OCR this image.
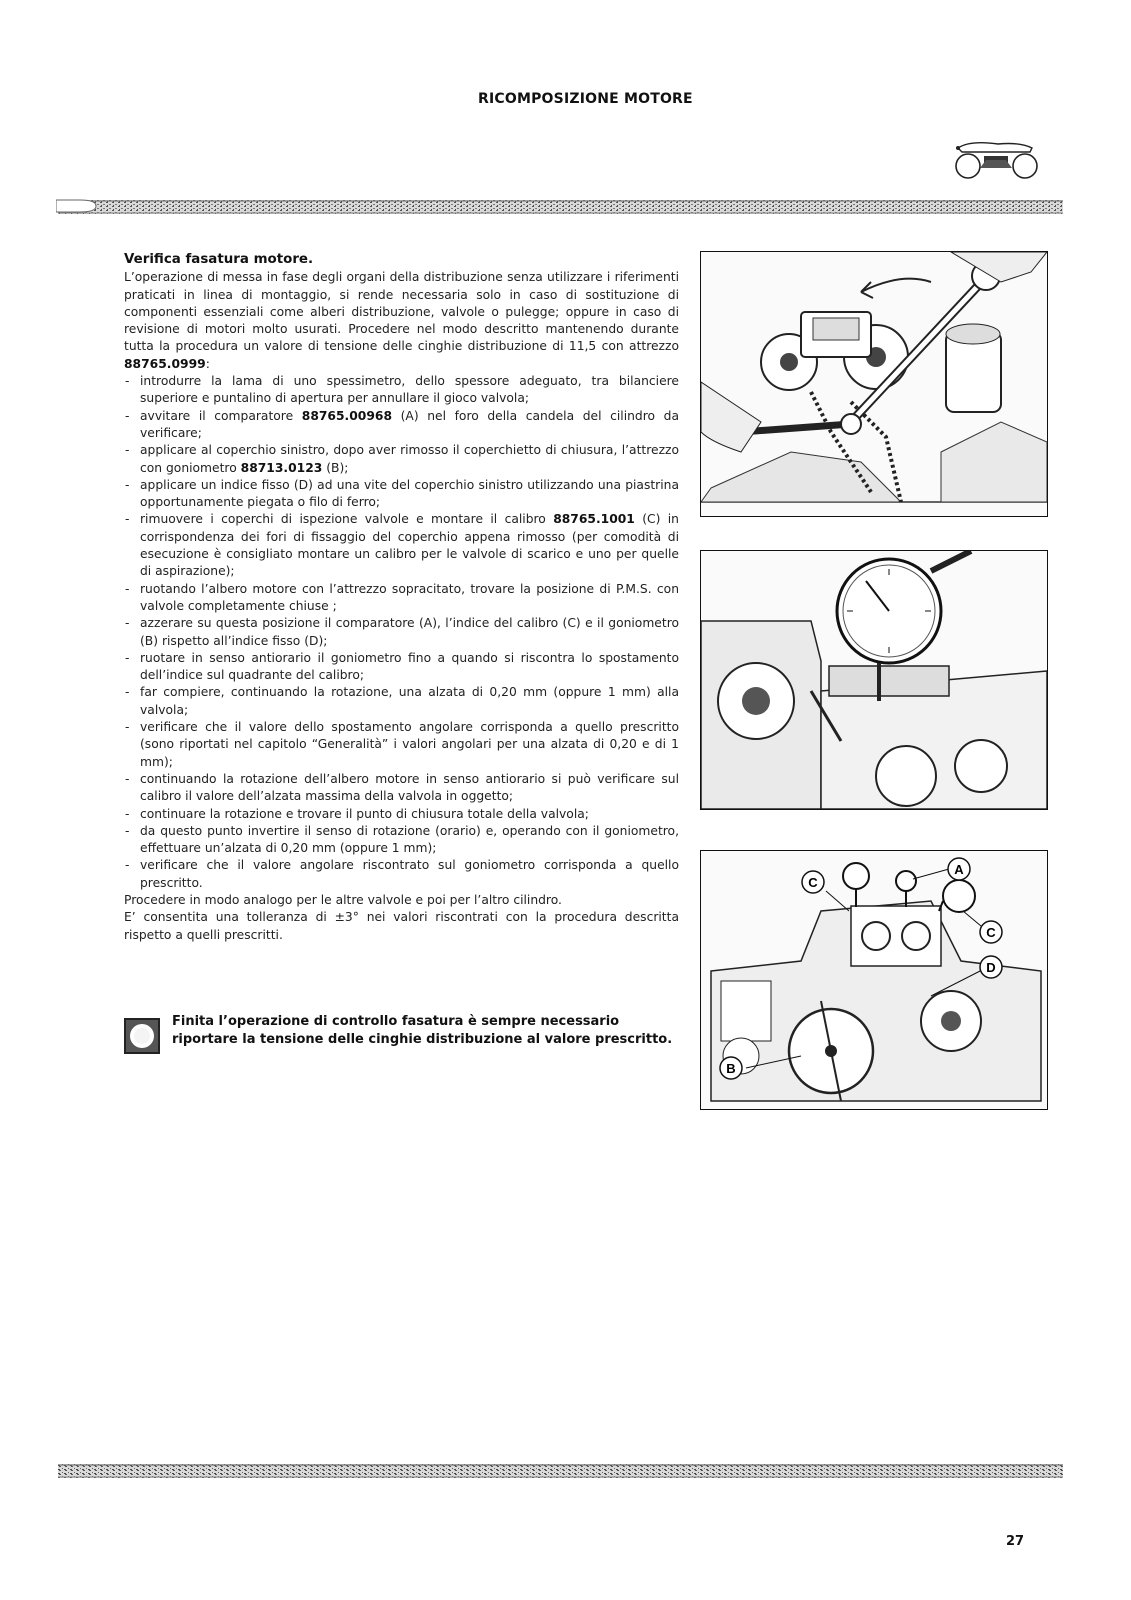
RICOMPOSIZIONE MOTORE
Verifica fasatura motore.

L’operazione di messa in fase degli organi della distribuzione senza utilizzare i riferimenti praticati in linea di montaggio, si rende necessaria solo in caso di sostituzione di componenti essenziali come alberi distribuzione, valvole o pulegge; oppure in caso di revisione di motori molto usurati. Procedere nel modo descritto mantenendo durante tutta la procedura un valore di tensione delle cinghie distribuzione di 11,5 con attrezzo 88765.0999:

- introdurre la lama di uno spessimetro, dello spessore adeguato, tra bilanciere superiore e puntalino di apertura per annullare il gioco valvola;
- avvitare il comparatore 88765.00968 (A) nel foro della candela del cilindro da verificare;
- applicare al coperchio sinistro, dopo aver rimosso il coperchietto di chiusura, l’attrezzo con goniometro 88713.0123 (B);
- applicare un indice fisso (D) ad una vite del coperchio sinistro utilizzando una piastrina opportunamente piegata o filo di ferro;
- rimuovere i coperchi di ispezione valvole e montare il calibro 88765.1001 (C) in corrispondenza dei fori di fissaggio del coperchio appena rimosso (per comodità di esecuzione è consigliato montare un calibro per le valvole di scarico e uno per quelle di aspirazione);
- ruotando l’albero motore con l’attrezzo sopracitato, trovare la posizione di P.M.S. con valvole completamente chiuse ;
- azzerare su questa posizione il comparatore (A), l’indice del calibro (C) e il goniometro (B) rispetto all’indice fisso (D);
- ruotare in senso antiorario il goniometro fino a quando si riscontra lo spostamento dell’indice sul quadrante del calibro;
- far compiere, continuando la rotazione, una alzata di 0,20 mm (oppure 1 mm) alla valvola;
- verificare che il valore dello spostamento angolare corrisponda a quello prescritto (sono riportati nel capitolo “Generalità” i valori angolari per una alzata di 0,20 e di 1 mm);
- continuando la rotazione dell’albero motore in senso antiorario si può verificare sul calibro il valore dell’alzata massima della valvola in oggetto;
- continuare la rotazione e trovare il punto di chiusura totale della valvola;
- da questo punto invertire il senso di rotazione (orario) e, operando con il goniometro, effettuare un’alzata di 0,20 mm (oppure 1 mm);
- verificare che il valore angolare riscontrato sul goniometro corrisponda a quello prescritto.

Procedere in modo analogo per le altre valvole e poi per l’altro cilindro.

E’ consentita una tolleranza di ±3° nei valori riscontrati con la procedura descritta rispetto a quelli prescritti.

Finita l’operazione di controllo fasatura è sempre necessario riportare la tensione delle cinghie distribuzione al valore prescritto.
C
A
C
D
B
27
